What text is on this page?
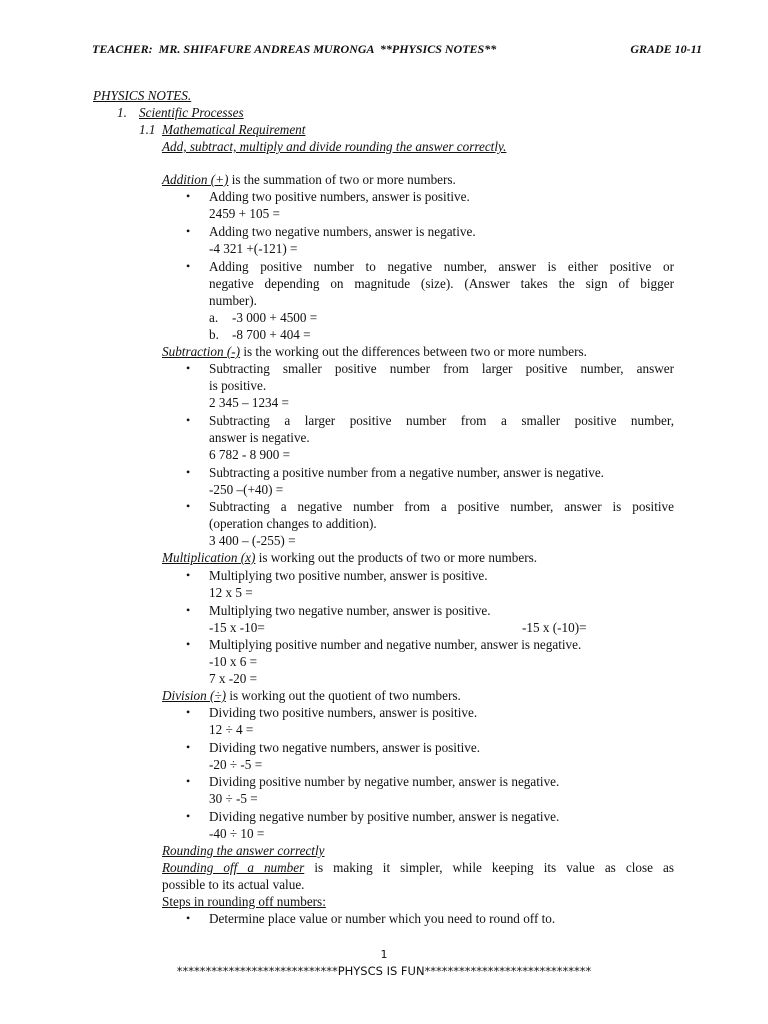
TEACHER:  MR. SHIFAFURE ANDREAS MURONGA  **PHYSICS NOTES**	GRADE 10-11
PHYSICS NOTES.
1. Scientific Processes
1.1 Mathematical Requirement
Add, subtract, multiply and divide rounding the answer correctly.
Addition (+) is the summation of two or more numbers.
• Adding two positive numbers, answer is positive.
2459 + 105 =
• Adding two negative numbers, answer is negative.
-4 321 +(-121) =
• Adding positive number to negative number, answer is either positive or
negative depending on magnitude (size). (Answer takes the sign of bigger
number).
a. -3 000 + 4500 =
b. -8 700 + 404 =
Subtraction (-) is the working out the differences between two or more numbers.
• Subtracting smaller positive number from larger positive number, answer
is positive.
2 345 – 1234 =
• Subtracting a larger positive number from a smaller positive number,
answer is negative.
6 782 - 8 900 =
• Subtracting a positive number from a negative number, answer is negative.
-250 –(+40) =
• Subtracting a negative number from a positive number, answer is positive
(operation changes to addition).
3 400 – (-255) =
Multiplication (x) is working out the products of two or more numbers.
• Multiplying two positive number, answer is positive.
12 x 5 =
• Multiplying two negative number, answer is positive.
-15 x -10=	-15 x (-10)=
• Multiplying positive number and negative number, answer is negative.
-10 x 6 =
7 x -20 =
Division (÷) is working out the quotient of two numbers.
• Dividing two positive numbers, answer is positive.
12 ÷ 4 =
• Dividing two negative numbers, answer is positive.
-20 ÷ -5 =
• Dividing positive number by negative number, answer is negative.
30 ÷ -5 =
• Dividing negative number by positive number, answer is negative.
-40 ÷ 10 =
Rounding the answer correctly
Rounding off a number is making it simpler, while keeping its value as close as
possible to its actual value.
Steps in rounding off numbers:
• Determine place value or number which you need to round off to.
1
****************************PHYSCS IS FUN*****************************
